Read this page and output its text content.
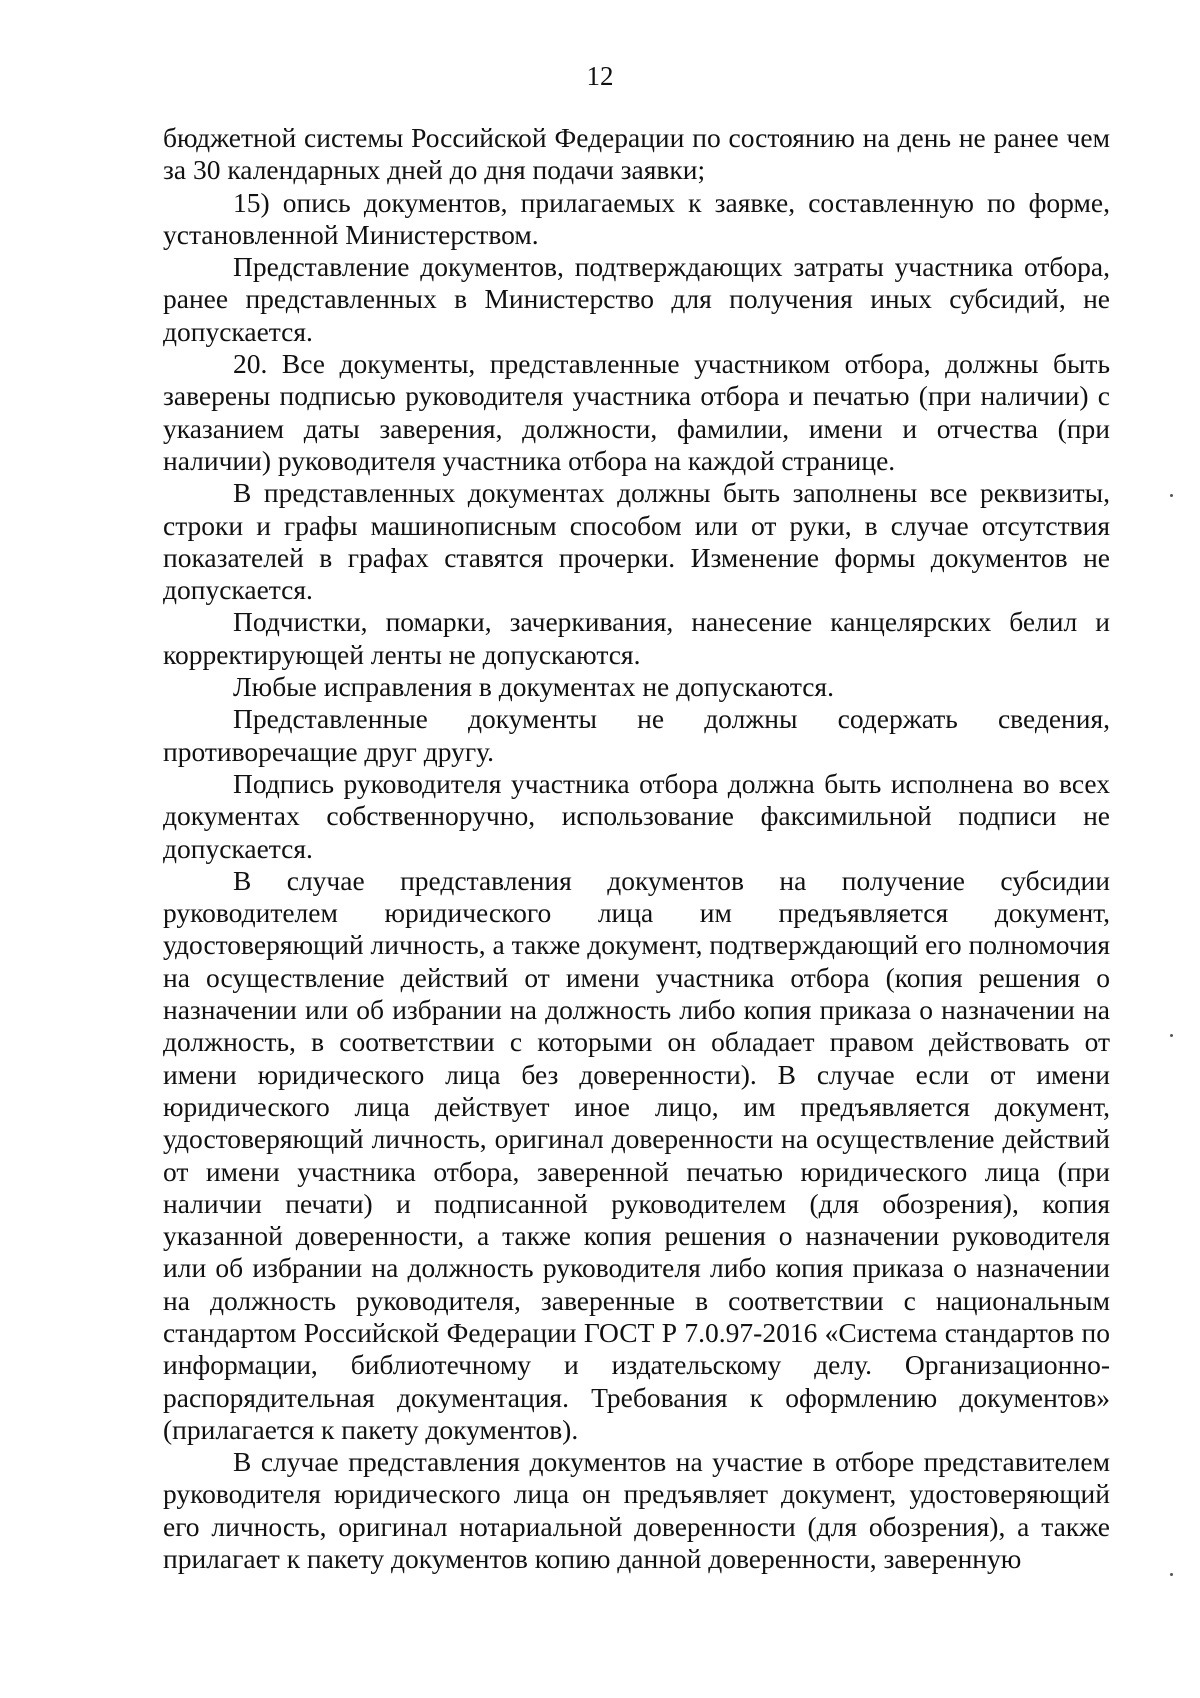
12

бюджетной системы Российской Федерации по состоянию на день не ранее чем за 30 календарных дней до дня подачи заявки;

15) опись документов, прилагаемых к заявке, составленную по форме, установленной Министерством.

Представление документов, подтверждающих затраты участника отбора, ранее представленных в Министерство для получения иных субсидий, не допускается.

20. Все документы, представленные участником отбора, должны быть заверены подписью руководителя участника отбора и печатью (при наличии) с указанием даты заверения, должности, фамилии, имени и отчества (при наличии) руководителя участника отбора на каждой странице.

В представленных документах должны быть заполнены все реквизиты, строки и графы машинописным способом или от руки, в случае отсутствия показателей в графах ставятся прочерки. Изменение формы документов не допускается.

Подчистки, помарки, зачеркивания, нанесение канцелярских белил и корректирующей ленты не допускаются.

Любые исправления в документах не допускаются.

Представленные документы не должны содержать сведения, противоречащие друг другу.

Подпись руководителя участника отбора должна быть исполнена во всех документах собственноручно, использование факсимильной подписи не допускается.

В случае представления документов на получение субсидии руководителем юридического лица им предъявляется документ, удостоверяющий личность, а также документ, подтверждающий его полномочия на осуществление действий от имени участника отбора (копия решения о назначении или об избрании на должность либо копия приказа о назначении на должность, в соответствии с которыми он обладает правом действовать от имени юридического лица без доверенности). В случае если от имени юридического лица действует иное лицо, им предъявляется документ, удостоверяющий личность, оригинал доверенности на осуществление действий от имени участника отбора, заверенной печатью юридического лица (при наличии печати) и подписанной руководителем (для обозрения), копия указанной доверенности, а также копия решения о назначении руководителя или об избрании на должность руководителя либо копия приказа о назначении на должность руководителя, заверенные в соответствии с национальным стандартом Российской Федерации ГОСТ Р 7.0.97-2016 «Система стандартов по информации, библиотечному и издательскому делу. Организационно-распорядительная документация. Требования к оформлению документов» (прилагается к пакету документов).

В случае представления документов на участие в отборе представителем руководителя юридического лица он предъявляет документ, удостоверяющий его личность, оригинал нотариальной доверенности (для обозрения), а также прилагает к пакету документов копию данной доверенности, заверенную
